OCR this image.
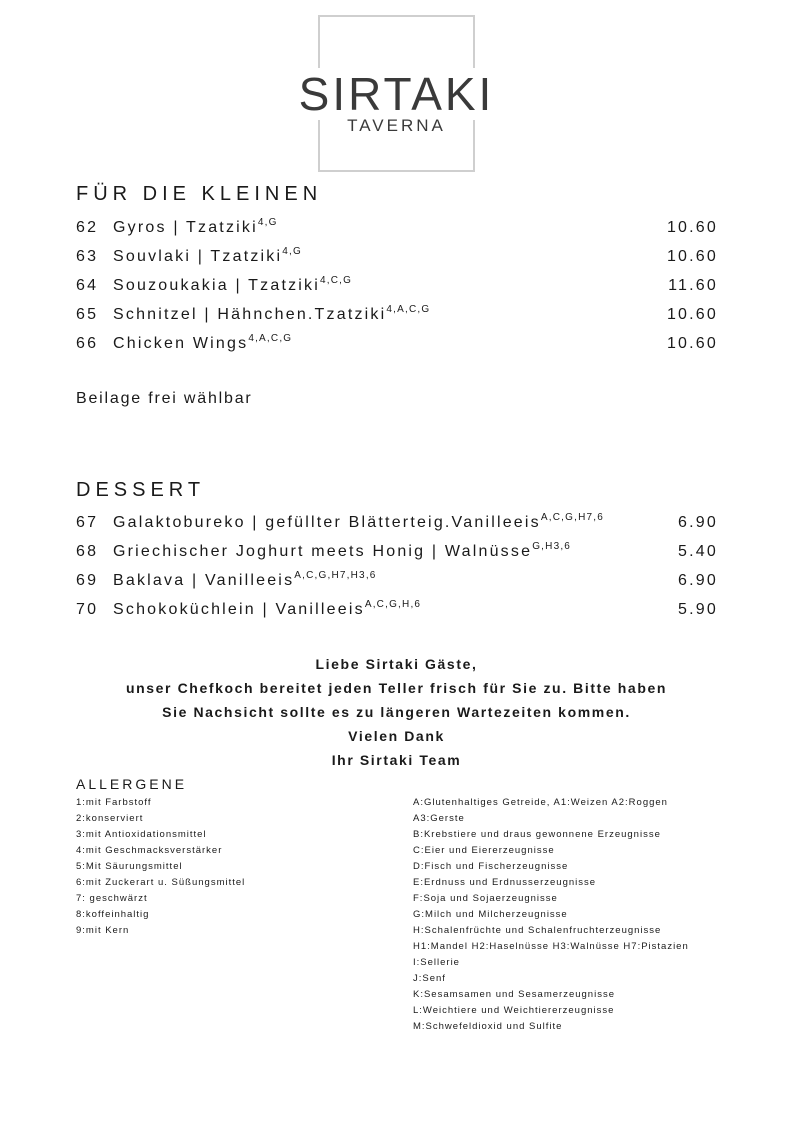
SIRTAKI
TAVERNA
FÜR DIE KLEINEN
62 Gyros | Tzatziki$^{4,G}$	10.60
63 Souvlaki | Tzatziki$^{4,G}$	10.60
64 Souzoukakia | Tzatziki$^{4,C,G}$	11.60
65 Schnitzel | Hähnchen.Tzatziki$^{4,A,C,G}$	10.60
66 Chicken Wings$^{4,A,C,G}$	10.60
Beilage frei wählbar
DESSERT
67 Galaktobureko | gefüllter Blätterteig.Vanilleeis$^{A,C,G,H7,6}$	6.90
68 Griechischer Joghurt meets Honig | Walnüsse$^{G,H3,6}$	5.40
69 Baklava | Vanilleeis$^{A,C,G,H7,H3,6}$	6.90
70 Schokoküchlein | Vanilleeis$^{A,C,G,H,6}$	5.90
Liebe Sirtaki Gäste,
unser Chefkoch bereitet jeden Teller frisch für Sie zu. Bitte haben
Sie Nachsicht sollte es zu längeren Wartezeiten kommen.
Vielen Dank
Ihr Sirtaki Team
ALLERGENE
1:mit Farbstoff
2:konserviert
3:mit Antioxidationsmittel
4:mit Geschmacksverstärker
5:Mit Säurungsmittel
6:mit Zuckerart u. Süßungsmittel
7: geschwärzt
8:koffeinhaltig
9:mit Kern
A:Glutenhaltiges Getreide, A1:Weizen A2:Roggen
A3:Gerste
B:Krebstiere und draus gewonnene Erzeugnisse
C:Eier und Eiererzeugnisse
D:Fisch und Fischerzeugnisse
E:Erdnuss und Erdnusserzeugnisse
F:Soja und Sojaerzeugnisse
G:Milch und Milcherzeugnisse
H:Schalenfrüchte und Schalenfruchterzeugnisse
H1:Mandel H2:Haselnüsse H3:Walnüsse H7:Pistazien
I:Sellerie
J:Senf
K:Sesamsamen und Sesamerzeugnisse
L:Weichtiere und Weichtiererzeugnisse
M:Schwefeldioxid und Sulfite
